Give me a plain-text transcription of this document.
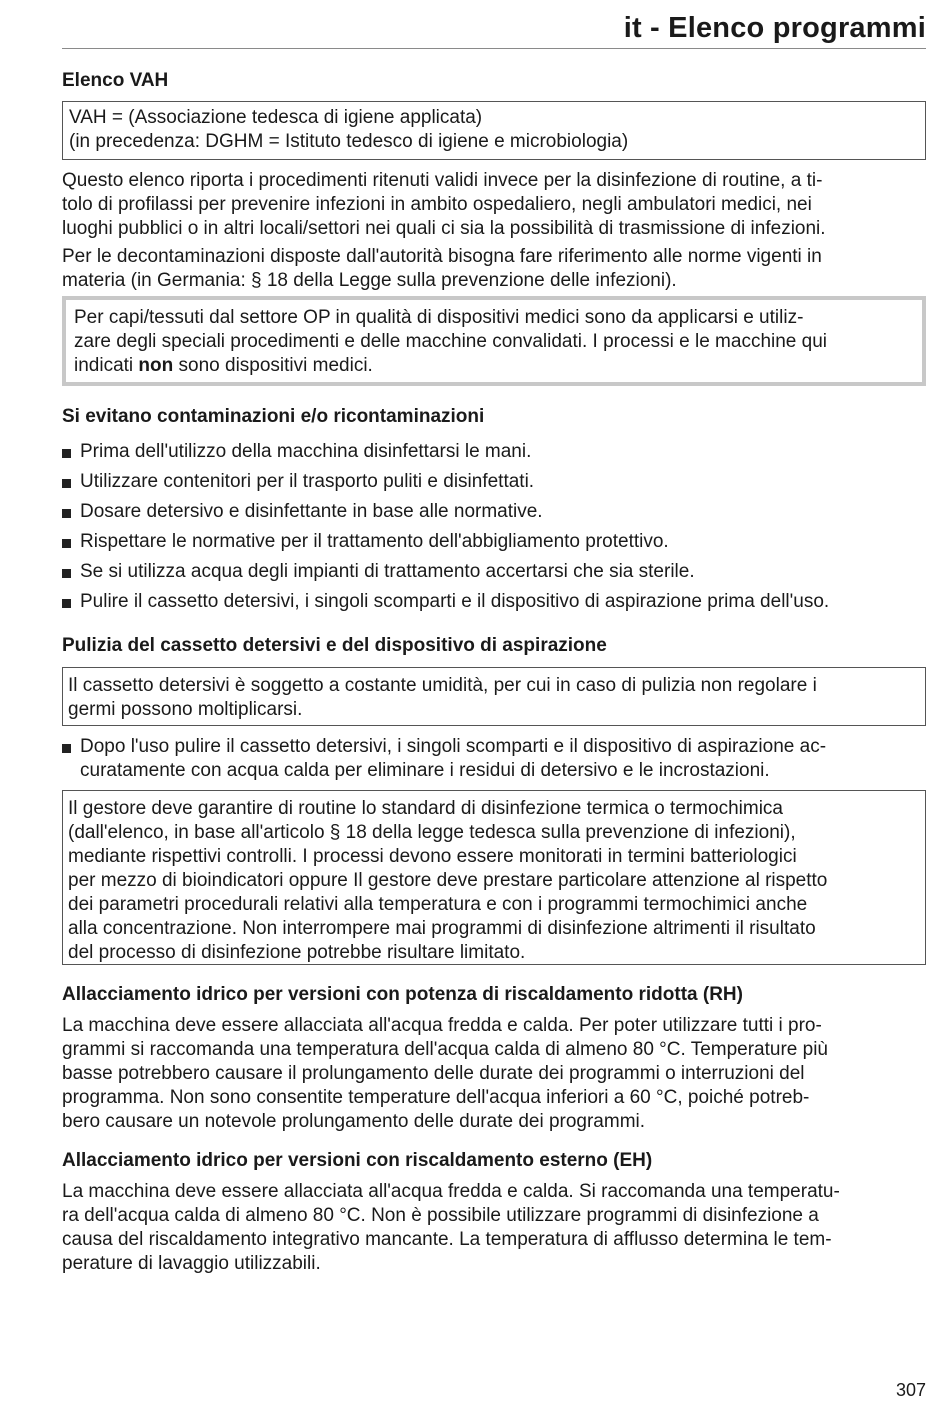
it - Elenco programmi
Elenco VAH
VAH = (Associazione tedesca di igiene applicata)
(in precedenza: DGHM = Istituto tedesco di igiene e microbiologia)
Questo elenco riporta i procedimenti ritenuti validi invece per la disinfezione di routine, a ti-
tolo di profilassi per prevenire infezioni in ambito ospedaliero, negli ambulatori medici, nei
luoghi pubblici o in altri locali/settori nei quali ci sia la possibilità di trasmissione di infezioni.
Per le decontaminazioni disposte dall'autorità bisogna fare riferimento alle norme vigenti in
materia (in Germania: § 18 della Legge sulla prevenzione delle infezioni).
Per capi/tessuti dal settore OP in qualità di dispositivi medici sono da applicarsi e utiliz-
zare degli speciali procedimenti e delle macchine convalidati. I processi e le macchine qui
indicati non sono dispositivi medici.
Si evitano contaminazioni e/o ricontaminazioni
Prima dell'utilizzo della macchina disinfettarsi le mani.
Utilizzare contenitori per il trasporto puliti e disinfettati.
Dosare detersivo e disinfettante in base alle normative.
Rispettare le normative per il trattamento dell'abbigliamento protettivo.
Se si utilizza acqua degli impianti di trattamento accertarsi che sia sterile.
Pulire il cassetto detersivi, i singoli scomparti e il dispositivo di aspirazione prima dell'uso.
Pulizia del cassetto detersivi e del dispositivo di aspirazione
Il cassetto detersivi è soggetto a costante umidità, per cui in caso di pulizia non regolare i
germi possono moltiplicarsi.
Dopo l'uso pulire il cassetto detersivi, i singoli scomparti e il dispositivo di aspirazione ac-
curatamente con acqua calda per eliminare i residui di detersivo e le incrostazioni.
Il gestore deve garantire di routine lo standard di disinfezione termica o termochimica
(dall'elenco, in base all'articolo § 18 della legge tedesca sulla prevenzione di infezioni),
mediante rispettivi controlli. I processi devono essere monitorati in termini batteriologici
per mezzo di bioindicatori oppure Il gestore deve prestare particolare attenzione al rispetto
dei parametri procedurali relativi alla temperatura e con i programmi termochimici anche
alla concentrazione. Non interrompere mai programmi di disinfezione altrimenti il risultato
del processo di disinfezione potrebbe risultare limitato.
Allacciamento idrico per versioni con potenza di riscaldamento ridotta (RH)
La macchina deve essere allacciata all'acqua fredda e calda. Per poter utilizzare tutti i pro-
grammi si raccomanda una temperatura dell'acqua calda di almeno 80 °C. Temperature più
basse potrebbero causare il prolungamento delle durate dei programmi o interruzioni del
programma. Non sono consentite temperature dell'acqua inferiori a 60 °C, poiché potreb-
bero causare un notevole prolungamento delle durate dei programmi.
Allacciamento idrico per versioni con riscaldamento esterno (EH)
La macchina deve essere allacciata all'acqua fredda e calda. Si raccomanda una temperatu-
ra dell'acqua calda di almeno 80 °C. Non è possibile utilizzare programmi di disinfezione a
causa del riscaldamento integrativo mancante. La temperatura di afflusso determina le tem-
perature di lavaggio utilizzabili.
307
